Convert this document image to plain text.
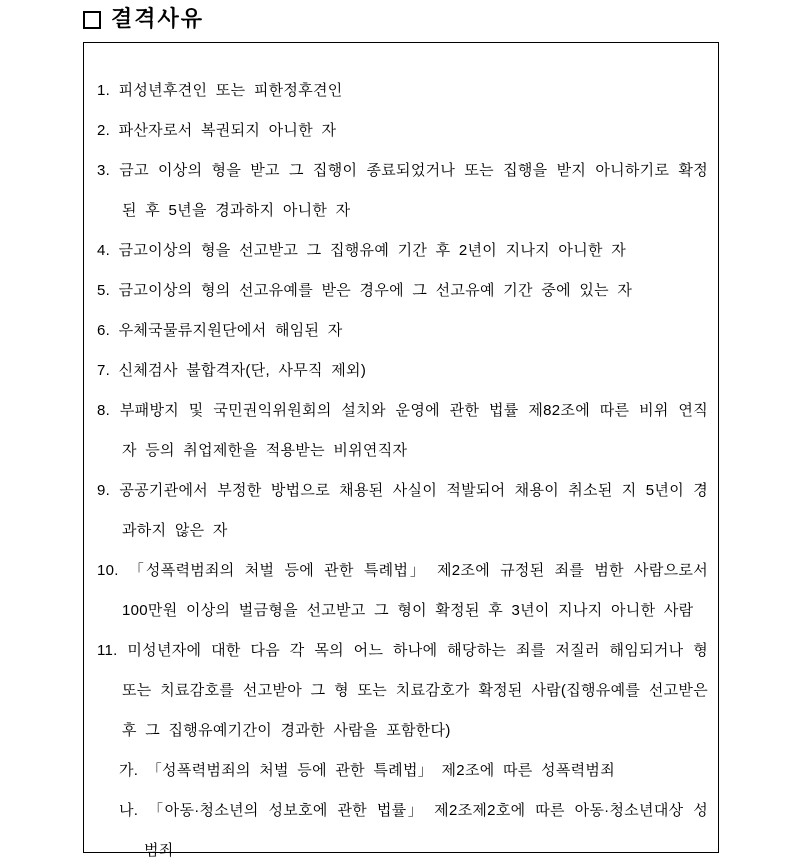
결격사유
1. 피성년후견인 또는 피한정후견인
2. 파산자로서 복권되지 아니한 자
3. 금고 이상의 형을 받고 그 집행이 종료되었거나 또는 집행을 받지 아니하기로 확정된 후 5년을 경과하지 아니한 자
4. 금고이상의 형을 선고받고 그 집행유예 기간 후 2년이 지나지 아니한 자
5. 금고이상의 형의 선고유예를 받은 경우에 그 선고유예 기간 중에 있는 자
6. 우체국물류지원단에서 해임된 자
7. 신체검사 불합격자(단, 사무직 제외)
8. 부패방지 및 국민권익위원회의 설치와 운영에 관한 법률 제82조에 따른 비위 연직자 등의 취업제한을 적용받는 비위연직자
9. 공공기관에서 부정한 방법으로 채용된 사실이 적발되어 채용이 취소된 지 5년이 경과하지 않은 자
10. 「성폭력범죄의 처벌 등에 관한 특례법」 제2조에 규정된 죄를 범한 사람으로서 100만원 이상의 벌금형을 선고받고 그 형이 확정된 후 3년이 지나지 아니한 사람
11. 미성년자에 대한 다음 각 목의 어느 하나에 해당하는 죄를 저질러 해임되거나 형 또는 치료감호를 선고받아 그 형 또는 치료감호가 확정된 사람(집행유예를 선고받은 후 그 집행유예기간이 경과한 사람을 포함한다)
가. 「성폭력범죄의 처벌 등에 관한 특례법」 제2조에 따른 성폭력범죄
나. 「아동·청소년의 성보호에 관한 법률」 제2조제2호에 따른 아동·청소년대상 성범죄
